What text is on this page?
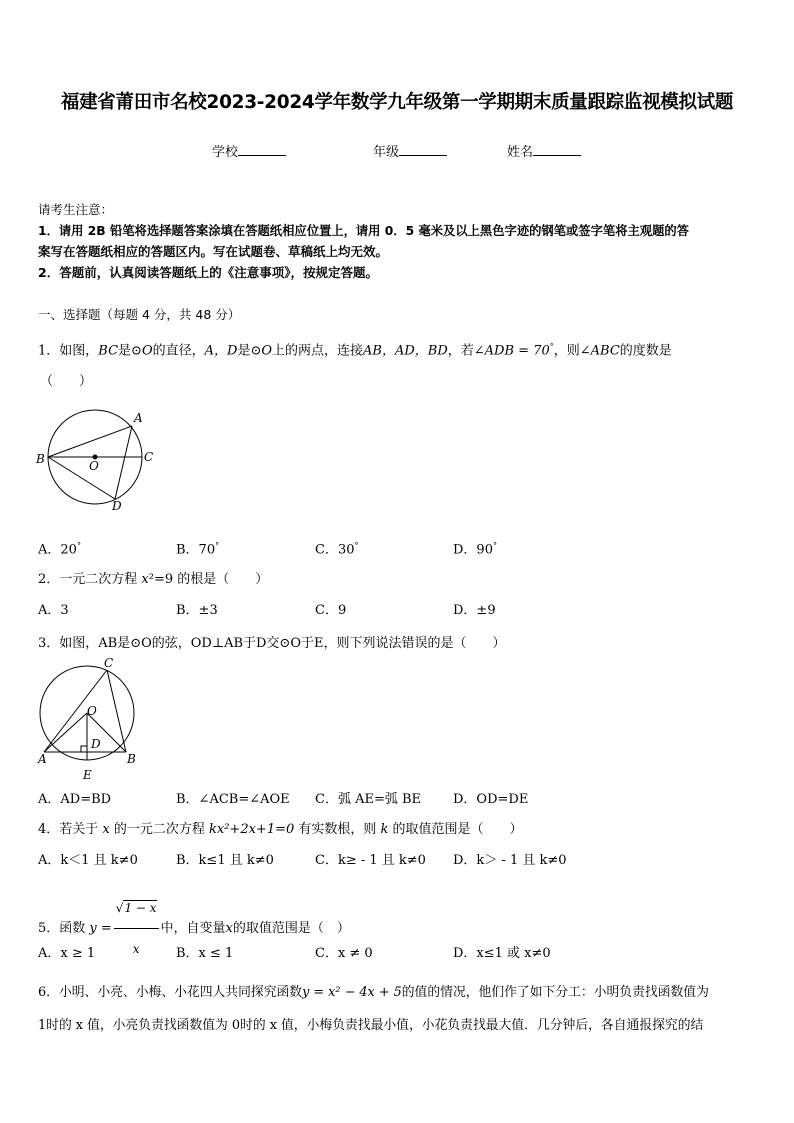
福建省莆田市名校2023-2024学年数学九年级第一学期期末质量跟踪监视模拟试题
学校	年级	姓名
请考生注意：
1．请用 2B 铅笔将选择题答案涂填在答题纸相应位置上，请用 0．5 毫米及以上黑色字迹的钢笔或签字笔将主观题的答
案写在答题纸相应的答题区内。写在试题卷、草稿纸上均无效。
2．答题前，认真阅读答题纸上的《注意事项》，按规定答题。
一、选择题（每题 4 分，共 48 分）
1．如图，BC是⊙O的直径，A，D是⊙O上的两点，连接AB，AD，BD，若∠ADB = 70°，则∠ABC的度数是
（　　）
A
B	C
D
O
A．20°	B．70°	C．30°	D．90°
2．一元二次方程 x²=9 的根是（　　）
A．3	B．±3	C．9	D．±9
3．如图，AB是⊙O的弦，OD⊥AB于D交⊙O于E，则下列说法错误的是（　　）
C
O
D
A	B
E
A．AD=BD	B．∠ACB=∠AOE C．弧 AE=弧 BE D．OD=DE
4．若关于 x 的一元二次方程 kx²+2x+1=0 有实数根，则 k 的取值范围是（　　）
A．k＜1 且 k≠0	B．k≤1 且 k≠0	C．k≥ - 1 且 k≠0 D．k＞ - 1 且 k≠0
5．函数 $y = \frac{√1 - x}{x}$ 中，自变量x的取值范围是（　）
A．x ≥ 1	B．x ≤ 1	C．x ≠ 0	D．x≤1 或 x≠0
6．小明、小亮、小梅、小花四人共同探究函数y = x² − 4x + 5的值的情况，他们作了如下分工：小明负责找函数值为
1时的 x 值，小亮负责找函数值为 0时的 x 值，小梅负责找最小值，小花负责找最大值．几分钟后，各自通报探究的结
